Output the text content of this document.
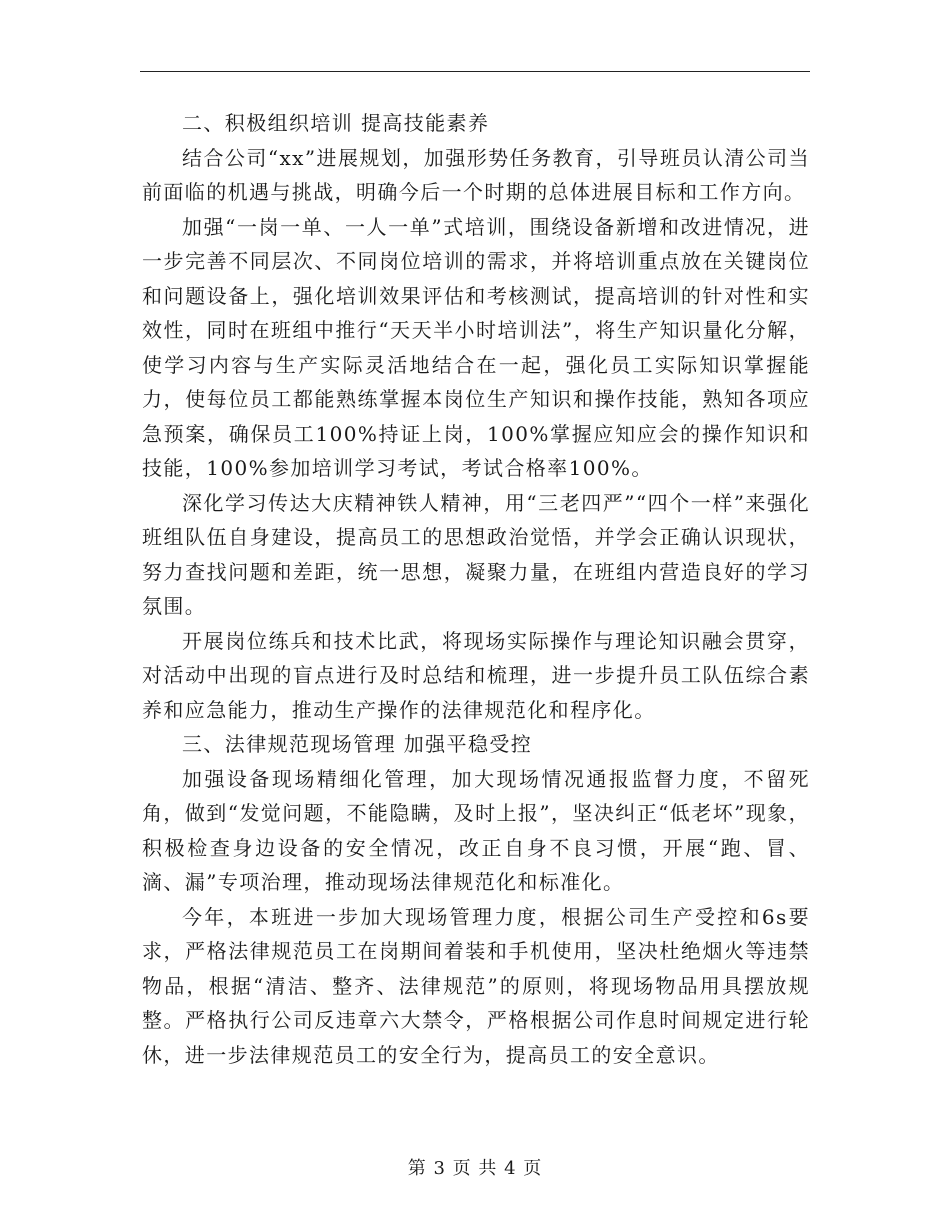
二、积极组织培训 提高技能素养

结合公司“xx”进展规划，加强形势任务教育，引导班员认清公司当前面临的机遇与挑战，明确今后一个时期的总体进展目标和工作方向。

加强“一岗一单、一人一单”式培训，围绕设备新增和改进情况，进一步完善不同层次、不同岗位培训的需求，并将培训重点放在关键岗位和问题设备上，强化培训效果评估和考核测试，提高培训的针对性和实效性，同时在班组中推行“天天半小时培训法”，将生产知识量化分解，使学习内容与生产实际灵活地结合在一起，强化员工实际知识掌握能力，使每位员工都能熟练掌握本岗位生产知识和操作技能，熟知各项应急预案，确保员工100%持证上岗，100%掌握应知应会的操作知识和技能，100%参加培训学习考试，考试合格率100%。

深化学习传达大庆精神铁人精神，用“三老四严”“四个一样”来强化班组队伍自身建设，提高员工的思想政治觉悟，并学会正确认识现状，努力查找问题和差距，统一思想，凝聚力量，在班组内营造良好的学习氛围。

开展岗位练兵和技术比武，将现场实际操作与理论知识融会贯穿，对活动中出现的盲点进行及时总结和梳理，进一步提升员工队伍综合素养和应急能力，推动生产操作的法律规范化和程序化。

三、法律规范现场管理 加强平稳受控

加强设备现场精细化管理，加大现场情况通报监督力度，不留死角，做到“发觉问题，不能隐瞒，及时上报”，坚决纠正“低老坏”现象，积极检查身边设备的安全情况，改正自身不良习惯，开展“跑、冒、滴、漏”专项治理，推动现场法律规范化和标准化。

今年，本班进一步加大现场管理力度，根据公司生产受控和6s要求，严格法律规范员工在岗期间着装和手机使用，坚决杜绝烟火等违禁物品，根据“清洁、整齐、法律规范”的原则，将现场物品用具摆放规整。严格执行公司反违章六大禁令，严格根据公司作息时间规定进行轮休，进一步法律规范员工的安全行为，提高员工的安全意识。

第 3 页 共 4 页
